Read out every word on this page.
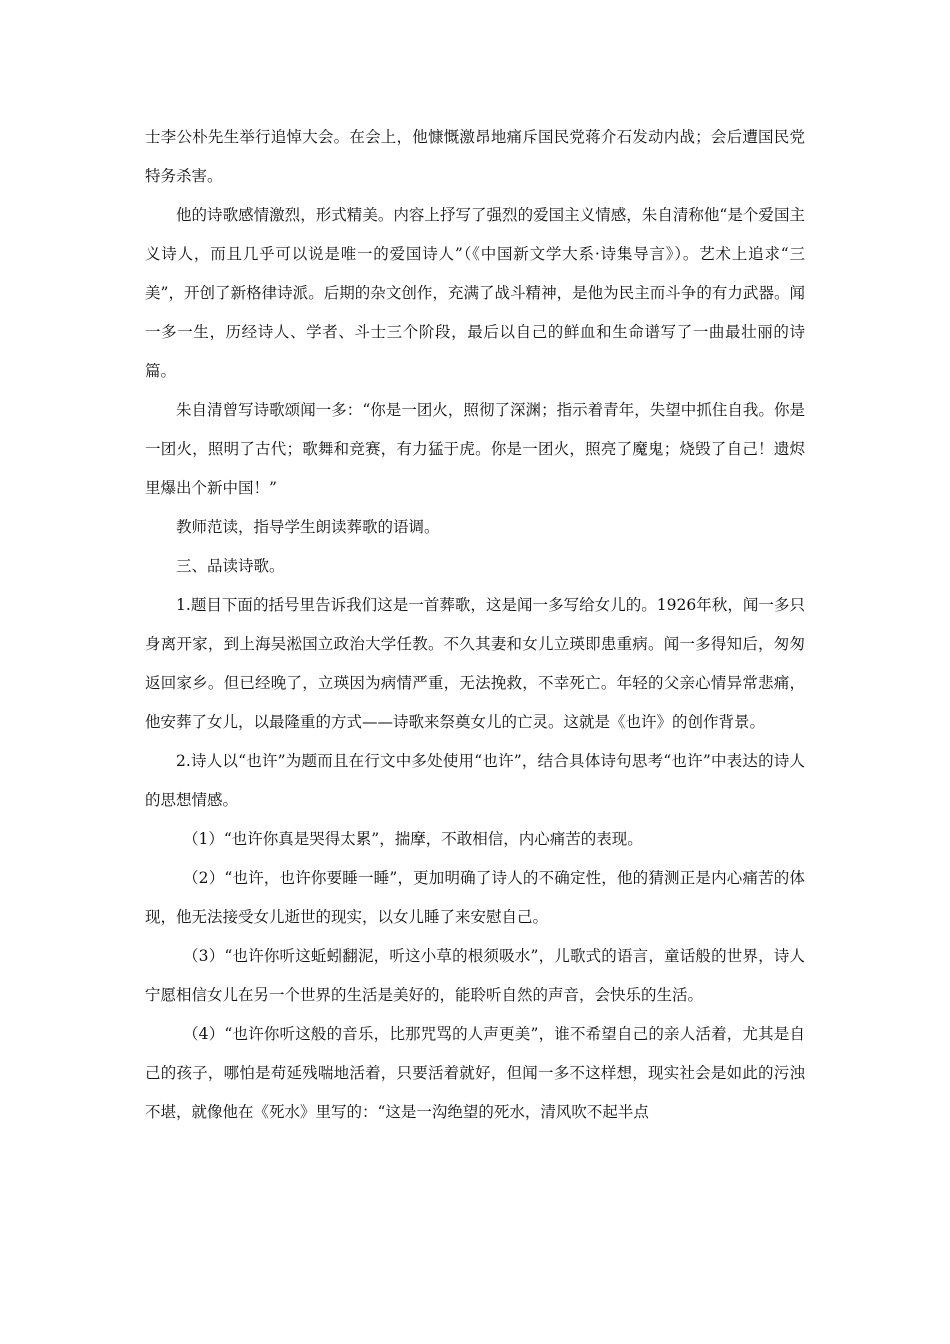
士李公朴先生举行追悼大会。在会上，他慷慨激昂地痛斥国民党蒋介石发动内战；会后遭国民党特务杀害。

他的诗歌感情激烈，形式精美。内容上抒写了强烈的爱国主义情感，朱自清称他“是个爱国主义诗人，而且几乎可以说是唯一的爱国诗人”（《中国新文学大系·诗集导言》）。艺术上追求“三美”，开创了新格律诗派。后期的杂文创作，充满了战斗精神，是他为民主而斗争的有力武器。闻一多一生，历经诗人、学者、斗士三个阶段，最后以自己的鲜血和生命谱写了一曲最壮丽的诗篇。

朱自清曾写诗歌颂闻一多：“你是一团火，照彻了深渊；指示着青年，失望中抓住自我。你是一团火，照明了古代；歌舞和竞赛，有力猛于虎。你是一团火，照亮了魔鬼；烧毁了自己！遗烬里爆出个新中国！”

教师范读，指导学生朗读葬歌的语调。

三、品读诗歌。

1.题目下面的括号里告诉我们这是一首葬歌，这是闻一多写给女儿的。1926年秋，闻一多只身离开家，到上海吴淞国立政治大学任教。不久其妻和女儿立瑛即患重病。闻一多得知后，匆匆返回家乡。但已经晚了，立瑛因为病情严重，无法挽救，不幸死亡。年轻的父亲心情异常悲痛，他安葬了女儿，以最隆重的方式——诗歌来祭奠女儿的亡灵。这就是《也许》的创作背景。

2.诗人以“也许”为题而且在行文中多处使用“也许”，结合具体诗句思考“也许”中表达的诗人的思想情感。

（1）“也许你真是哭得太累”，揣摩，不敢相信，内心痛苦的表现。

（2）“也许，也许你要睡一睡”，更加明确了诗人的不确定性，他的猜测正是内心痛苦的体现，他无法接受女儿逝世的现实，以女儿睡了来安慰自己。

（3）“也许你听这蚯蚓翻泥，听这小草的根须吸水”，儿歌式的语言，童话般的世界，诗人宁愿相信女儿在另一个世界的生活是美好的，能聆听自然的声音，会快乐的生活。

（4）“也许你听这般的音乐，比那咒骂的人声更美”，谁不希望自己的亲人活着，尤其是自己的孩子，哪怕是苟延残喘地活着，只要活着就好，但闻一多不这样想，现实社会是如此的污浊不堪，就像他在《死水》里写的：“这是一沟绝望的死水，清风吹不起半点
